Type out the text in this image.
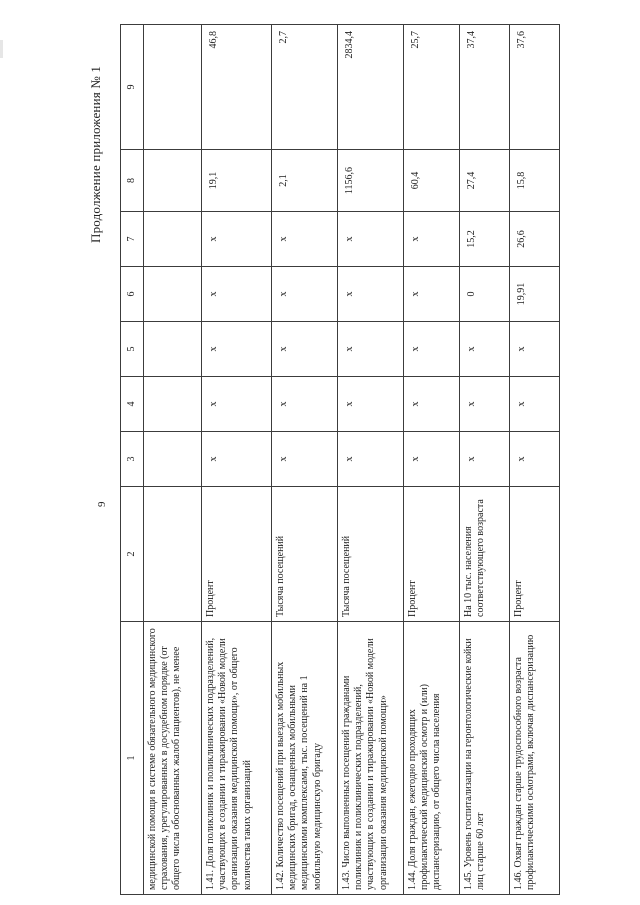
9
Продолжение приложения № 1
1	2	3	4	5	6	7	8	9
медицинской помощи в системе обязательного медицинского страхования, урегулированных в досудебном порядке (от общего числа обоснованных жалоб пациентов), не менее								
1.41. Доля поликлиник и поликлинических подразделений, участвующих в создании и тиражировании «Новой модели организации оказания медицинской помощи», от общего количества таких организаций	Процент	х	х	х	х	х	19,1	46,8
1.42. Количество посещений при выездах мобильных медицинских бригад, оснащенных мобильными медицинскими комплексами, тыс. посещений на 1 мобильную медицинскую бригаду	Тысяча посещений	х	х	х	х	х	2,1	2,7
1.43. Число выполненных посещений гражданами поликлиник и поликлинических подразделений, участвующих в создании и тиражировании «Новой модели организации оказания медицинской помощи»	Тысяча посещений	х	х	х	х	х	1156,6	2834,4
1.44. Доля граждан, ежегодно проходящих профилактический медицинский осмотр и (или) диспансеризацию, от общего числа населения	Процент	х	х	х	х	х	60,4	25,7
1.45. Уровень госпитализации на геронтологические койки лиц старше 60 лет	На 10 тыс. населения соответствующего возраста	х	х	х	0	15,2	27,4	37,4
1.46. Охват граждан старше трудоспособного возраста профилактическими осмотрами, включая диспансеризацию	Процент	х	х	х	19,91	26,6	15,8	37,6
